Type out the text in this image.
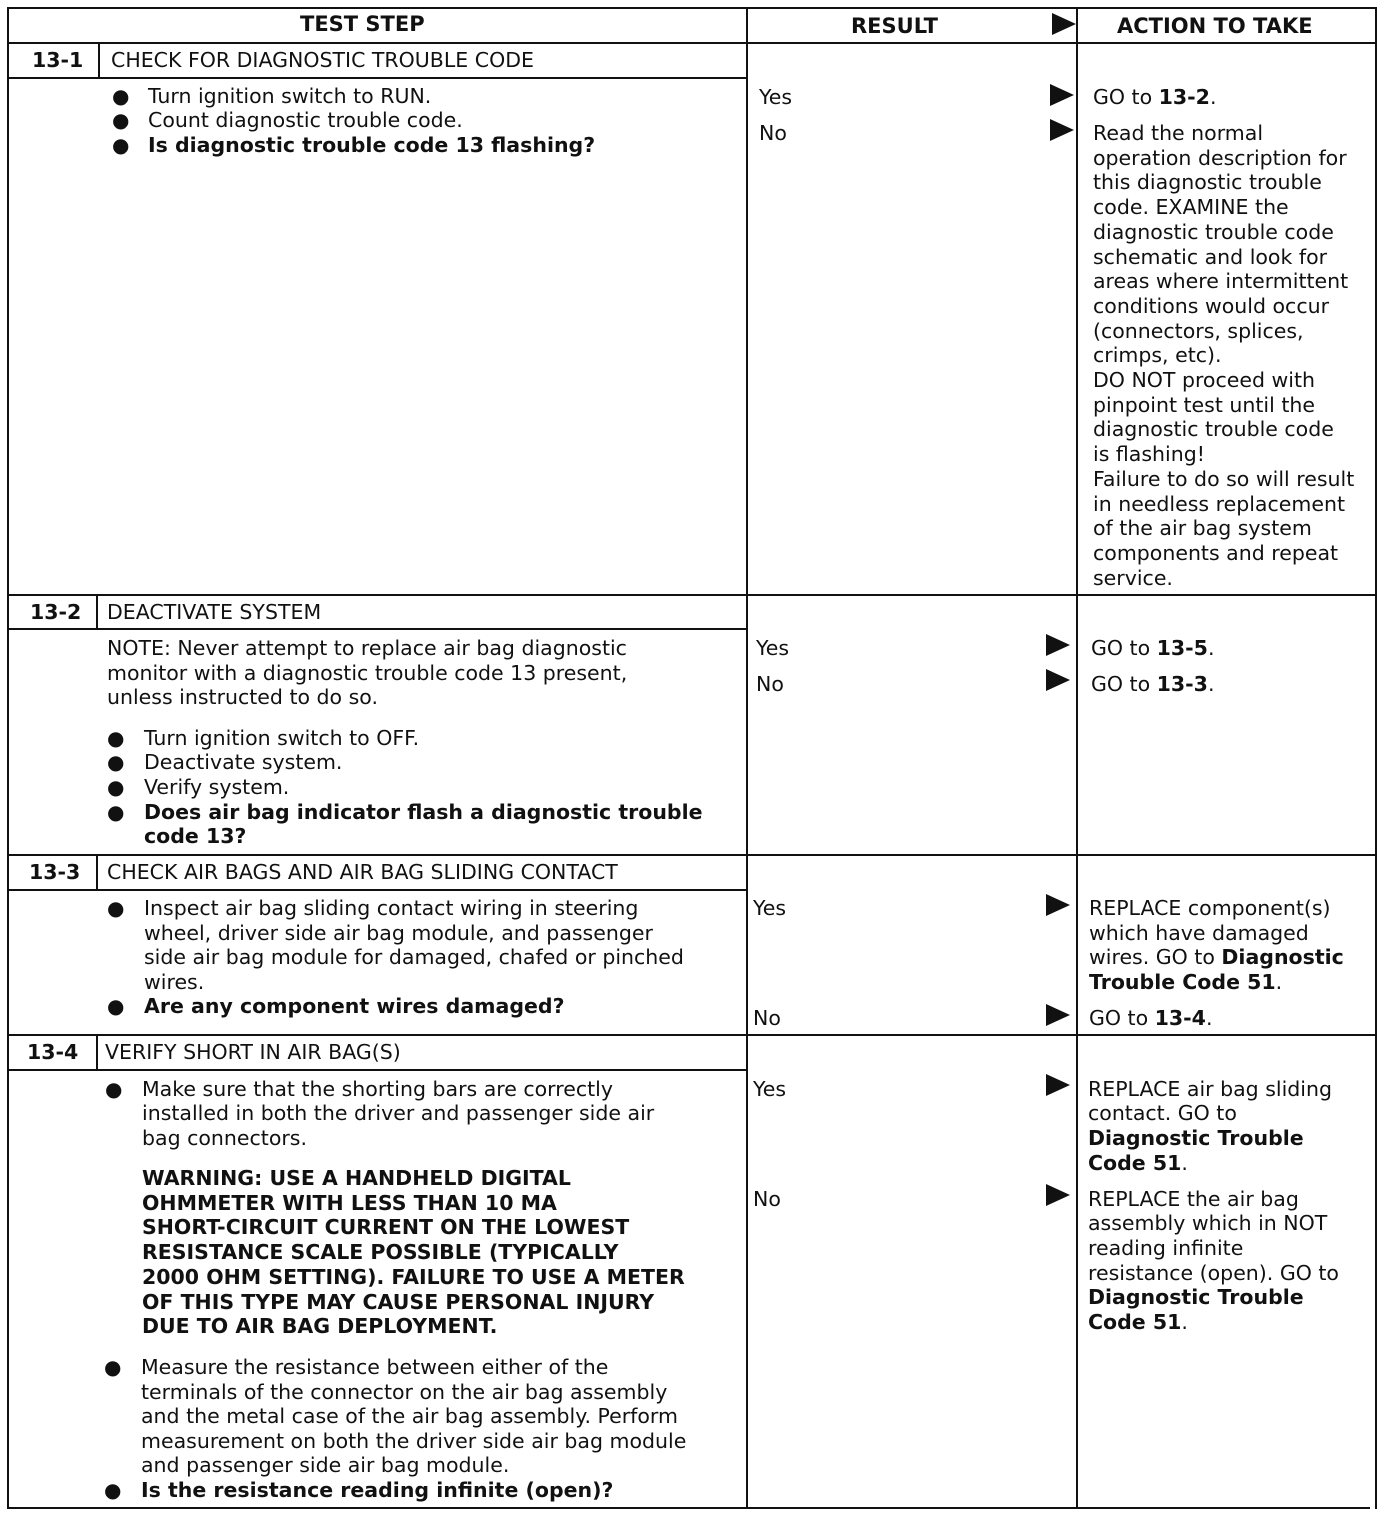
TEST STEP	RESULT	ACTION TO TAKE
13-1 CHECK FOR DIAGNOSTIC TROUBLE CODE
● Turn ignition switch to RUN.
● Count diagnostic trouble code.
● Is diagnostic trouble code 13 flashing?
Yes
No
GO to 13-2.
Read the normal
operation description for
this diagnostic trouble
code. EXAMINE the
diagnostic trouble code
schematic and look for
areas where intermittent
conditions would occur
(connectors, splices,
crimps, etc).
DO NOT proceed with
pinpoint test until the
diagnostic trouble code
is flashing!
Failure to do so will result
in needless replacement
of the air bag system
components and repeat
service.
13-2 DEACTIVATE SYSTEM
NOTE: Never attempt to replace air bag diagnostic
monitor with a diagnostic trouble code 13 present,
unless instructed to do so.
● Turn ignition switch to OFF.
● Deactivate system.
● Verify system.
● Does air bag indicator flash a diagnostic trouble
code 13?
Yes
No
GO to 13-5.
GO to 13-3.
13-3 CHECK AIR BAGS AND AIR BAG SLIDING CONTACT
● Inspect air bag sliding contact wiring in steering
wheel, driver side air bag module, and passenger
side air bag module for damaged, chafed or pinched
wires.
● Are any component wires damaged?
Yes
No
REPLACE component(s)
which have damaged
wires. GO to Diagnostic
Trouble Code 51.
GO to 13-4.
13-4 VERIFY SHORT IN AIR BAG(S)
● Make sure that the shorting bars are correctly
installed in both the driver and passenger side air
bag connectors.
WARNING: USE A HANDHELD DIGITAL
OHMMETER WITH LESS THAN 10 MA
SHORT-CIRCUIT CURRENT ON THE LOWEST
RESISTANCE SCALE POSSIBLE (TYPICALLY
2000 OHM SETTING). FAILURE TO USE A METER
OF THIS TYPE MAY CAUSE PERSONAL INJURY
DUE TO AIR BAG DEPLOYMENT.
● Measure the resistance between either of the
terminals of the connector on the air bag assembly
and the metal case of the air bag assembly. Perform
measurement on both the driver side air bag module
and passenger side air bag module.
● Is the resistance reading infinite (open)?
Yes
No
REPLACE air bag sliding
contact. GO to
Diagnostic Trouble
Code 51.
REPLACE the air bag
assembly which in NOT
reading infinite
resistance (open). GO to
Diagnostic Trouble
Code 51.
